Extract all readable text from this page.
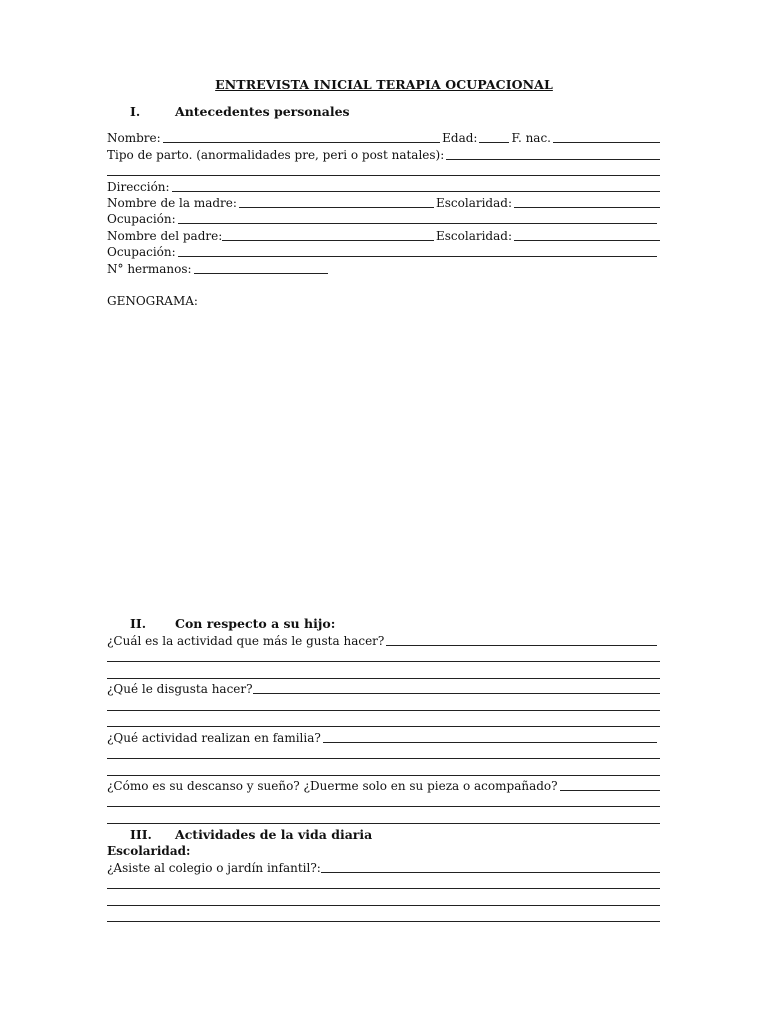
ENTREVISTA INICIAL TERAPIA OCUPACIONAL
I.	Antecedentes personales
Nombre:	Edad:	F. nac.
Tipo de parto. (anormalidades pre, peri o post natales):
Dirección:
Nombre de la madre:	Escolaridad:
Ocupación:
Nombre del padre:	Escolaridad:
Ocupación:
N° hermanos:
GENOGRAMA:
II. Con respecto a su hijo:
¿Cuál es la actividad que más le gusta hacer?
¿Qué le disgusta hacer?
¿Qué actividad realizan en familia?
¿Cómo es su descanso y sueño? ¿Duerme solo en su pieza o acompañado?
III. Actividades de la vida diaria
Escolaridad:
¿Asiste al colegio o jardín infantil?:
